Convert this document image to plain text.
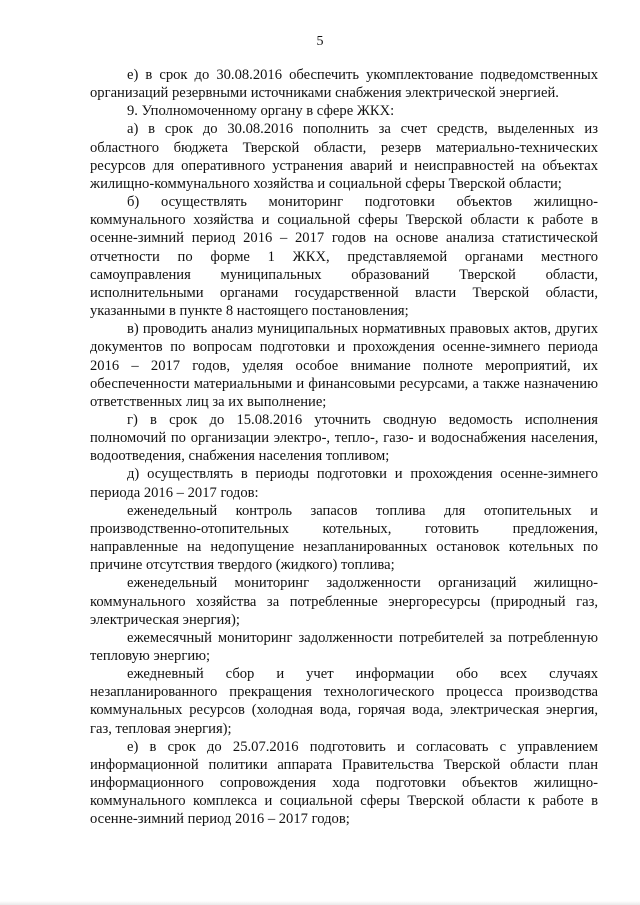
5

е) в срок до 30.08.2016 обеспечить укомплектование подведомственных организаций резервными источниками снабжения электрической энергией.

9. Уполномоченному органу в сфере ЖКХ:

а) в срок до 30.08.2016 пополнить за счет средств, выделенных из областного бюджета Тверской области, резерв материально-технических ресурсов для оперативного устранения аварий и неисправностей на объектах жилищно-коммунального хозяйства и социальной сферы Тверской области;

б) осуществлять мониторинг подготовки объектов жилищно-коммунального хозяйства и социальной сферы Тверской области к работе в осенне-зимний период 2016 – 2017 годов на основе анализа статистической отчетности по форме 1 ЖКХ, представляемой органами местного самоуправления муниципальных образований Тверской области, исполнительными органами государственной власти Тверской области, указанными в пункте 8 настоящего постановления;

в) проводить анализ муниципальных нормативных правовых актов, других документов по вопросам подготовки и прохождения осенне-зимнего периода 2016 – 2017 годов, уделяя особое внимание полноте мероприятий, их обеспеченности материальными и финансовыми ресурсами, а также назначению ответственных лиц за их выполнение;

г) в срок до 15.08.2016 уточнить сводную ведомость исполнения полномочий по организации электро-, тепло-, газо- и водоснабжения населения, водоотведения, снабжения населения топливом;

д) осуществлять в периоды подготовки и прохождения осенне-зимнего периода 2016 – 2017 годов:

еженедельный контроль запасов топлива для отопительных и производственно-отопительных котельных, готовить предложения, направленные на недопущение незапланированных остановок котельных по причине отсутствия твердого (жидкого) топлива;

еженедельный мониторинг задолженности организаций жилищно-коммунального хозяйства за потребленные энергоресурсы (природный газ, электрическая энергия);

ежемесячный мониторинг задолженности потребителей за потребленную тепловую энергию;

ежедневный сбор и учет информации обо всех случаях незапланированного прекращения технологического процесса производства коммунальных ресурсов (холодная вода, горячая вода, электрическая энергия, газ, тепловая энергия);

е) в срок до 25.07.2016 подготовить и согласовать с управлением информационной политики аппарата Правительства Тверской области план информационного сопровождения хода подготовки объектов жилищно-коммунального комплекса и социальной сферы Тверской области к работе в осенне-зимний период 2016 – 2017 годов;
